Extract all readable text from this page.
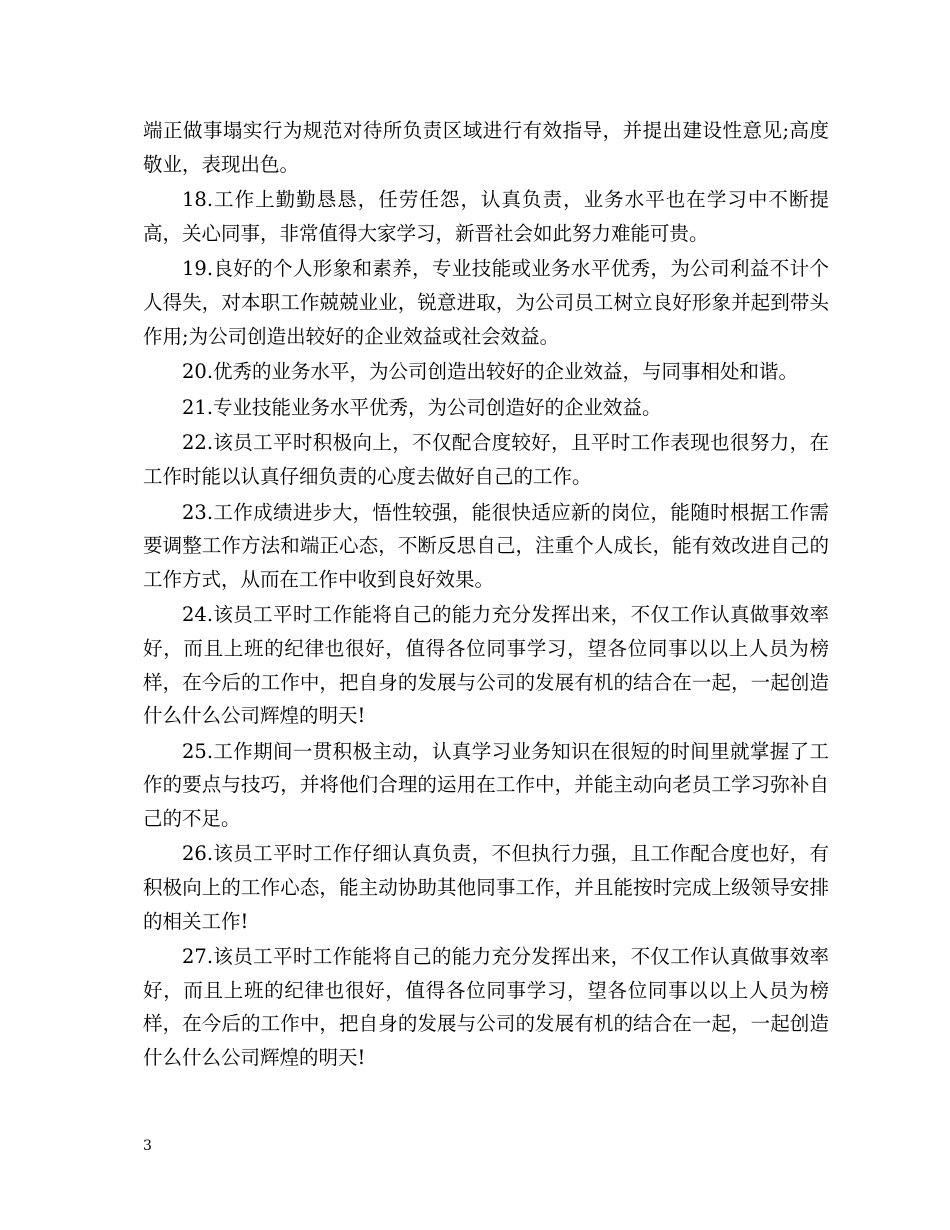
端正做事塌实行为规范对待所负责区域进行有效指导，并提出建设性意见;高度敬业，表现出色。

18.工作上勤勤恳恳，任劳任怨，认真负责，业务水平也在学习中不断提高，关心同事，非常值得大家学习，新晋社会如此努力难能可贵。

19.良好的个人形象和素养，专业技能或业务水平优秀，为公司利益不计个人得失，对本职工作兢兢业业，锐意进取，为公司员工树立良好形象并起到带头作用;为公司创造出较好的企业效益或社会效益。

20.优秀的业务水平，为公司创造出较好的企业效益，与同事相处和谐。

21.专业技能业务水平优秀，为公司创造好的企业效益。

22.该员工平时积极向上，不仅配合度较好，且平时工作表现也很努力，在工作时能以认真仔细负责的心度去做好自己的工作。

23.工作成绩进步大，悟性较强，能很快适应新的岗位，能随时根据工作需要调整工作方法和端正心态，不断反思自己，注重个人成长，能有效改进自己的工作方式，从而在工作中收到良好效果。

24.该员工平时工作能将自己的能力充分发挥出来，不仅工作认真做事效率好，而且上班的纪律也很好，值得各位同事学习，望各位同事以以上人员为榜样，在今后的工作中，把自身的发展与公司的发展有机的结合在一起，一起创造什么什么公司辉煌的明天!

25.工作期间一贯积极主动，认真学习业务知识在很短的时间里就掌握了工作的要点与技巧，并将他们合理的运用在工作中，并能主动向老员工学习弥补自己的不足。

26.该员工平时工作仔细认真负责，不但执行力强，且工作配合度也好，有积极向上的工作心态，能主动协助其他同事工作，并且能按时完成上级领导安排的相关工作!

27.该员工平时工作能将自己的能力充分发挥出来，不仅工作认真做事效率好，而且上班的纪律也很好，值得各位同事学习，望各位同事以以上人员为榜样，在今后的工作中，把自身的发展与公司的发展有机的结合在一起，一起创造什么什么公司辉煌的明天!

3
